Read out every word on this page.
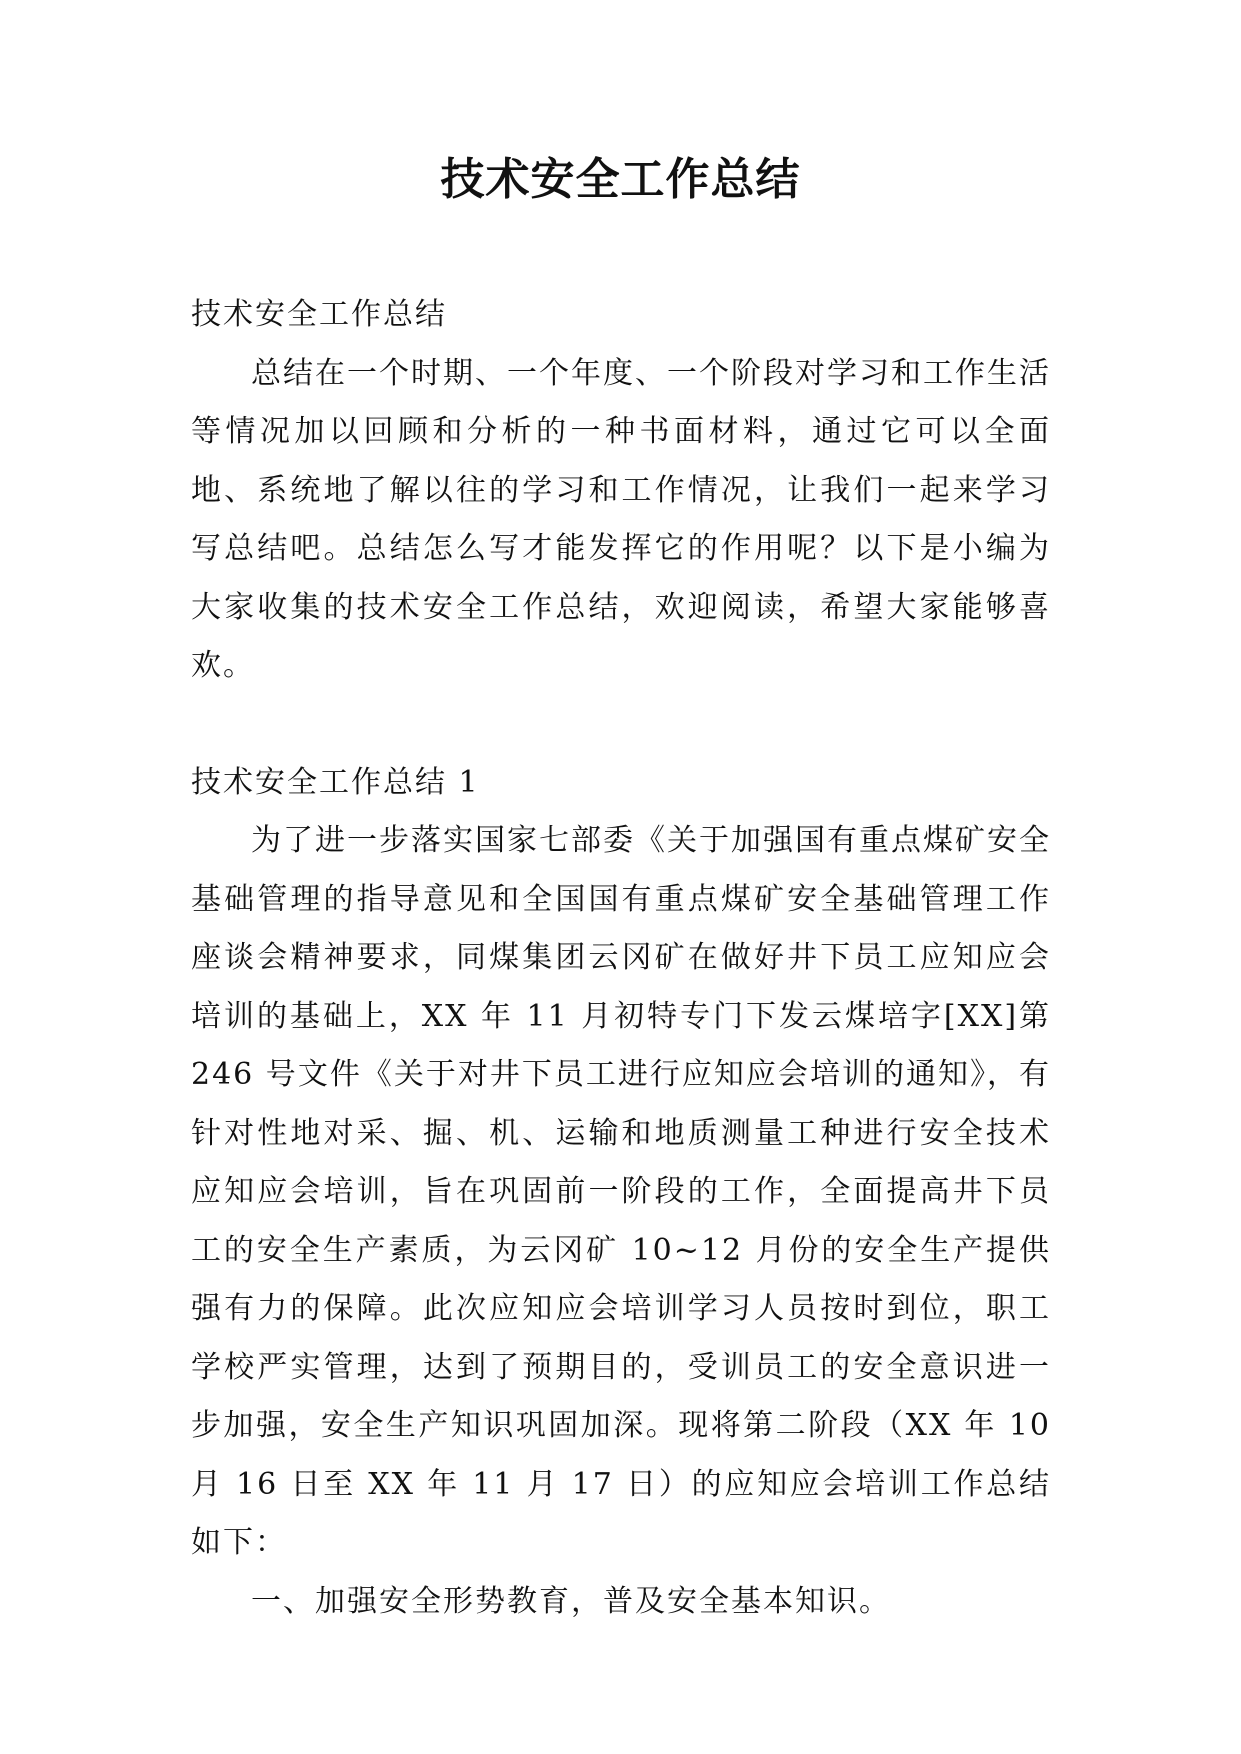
技术安全工作总结

技术安全工作总结

总结在一个时期、一个年度、一个阶段对学习和工作生活等情况加以回顾和分析的一种书面材料，通过它可以全面地、系统地了解以往的学习和工作情况，让我们一起来学习写总结吧。总结怎么写才能发挥它的作用呢？以下是小编为大家收集的技术安全工作总结，欢迎阅读，希望大家能够喜欢。

技术安全工作总结 1

为了进一步落实国家七部委《关于加强国有重点煤矿安全基础管理的指导意见和全国国有重点煤矿安全基础管理工作座谈会精神要求，同煤集团云冈矿在做好井下员工应知应会培训的基础上，XX 年 11 月初特专门下发云煤培字[XX]第 246 号文件《关于对井下员工进行应知应会培训的通知》，有针对性地对采、掘、机、运输和地质测量工种进行安全技术应知应会培训，旨在巩固前一阶段的工作，全面提高井下员工的安全生产素质，为云冈矿 10~12 月份的安全生产提供强有力的保障。此次应知应会培训学习人员按时到位，职工学校严实管理，达到了预期目的，受训员工的安全意识进一步加强，安全生产知识巩固加深。现将第二阶段（XX 年 10 月 16 日至 XX 年 11 月 17 日）的应知应会培训工作总结如下：

一、加强安全形势教育，普及安全基本知识。
